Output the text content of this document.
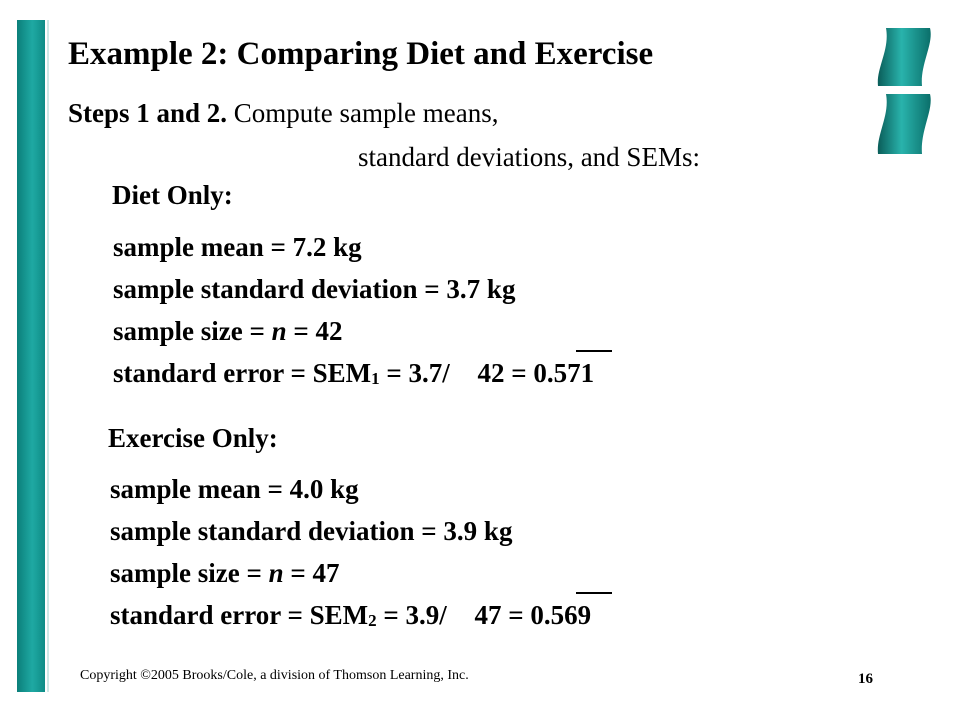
Example 2: Comparing Diet and Exercise
Steps 1 and 2. Compute sample means,
standard deviations, and SEMs:
Diet Only:
sample mean = 7.2 kg
sample standard deviation = 3.7 kg
sample size = n = 42
standard error = $SEM_1 = 3.7/$ 42 = 0.571
Exercise Only:
sample mean = 4.0 kg
sample standard deviation = 3.9 kg
sample size = n = 47
standard error = $SEM_2 = 3.9/$ 47 = 0.569
Copyright ©2005 Brooks/Cole, a division of Thomson Learning, Inc.	16
